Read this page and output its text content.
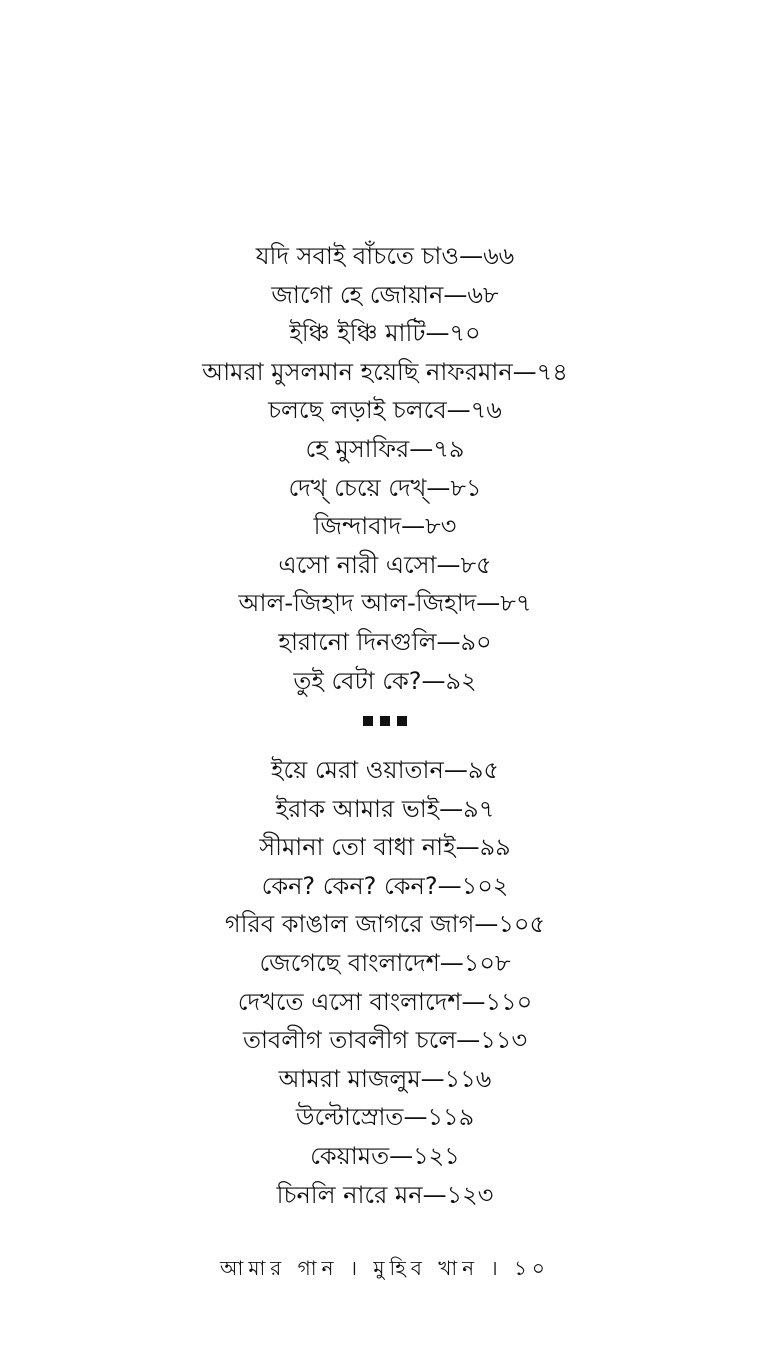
যদি সবাই বাঁচতে চাও—৬৬
জাগো হে জোয়ান—৬৮
ইঞ্চি ইঞ্চি মাটি—৭০
আমরা মুসলমান হয়েছি নাফরমান—৭৪
চলছে লড়াই চলবে—৭৬
হে মুসাফির—৭৯
দেখ্ চেয়ে দেখ্—৮১
জিন্দাবাদ—৮৩
এসো নারী এসো—৮৫
আল-জিহাদ আল-জিহাদ—৮৭
হারানো দিনগুলি—৯০
তুই বেটা কে?—৯২
ইয়ে মেরা ওয়াতান—৯৫
ইরাক আমার ভাই—৯৭
সীমানা তো বাধা নাই—৯৯
কেন? কেন? কেন?—১০২
গরিব কাঙাল জাগরে জাগ—১০৫
জেগেছে বাংলাদেশ—১০৮
দেখতে এসো বাংলাদেশ—১১০
তাবলীগ তাবলীগ চলে—১১৩
আমরা মাজলুম—১১৬
উল্টোস্রোত—১১৯
কেয়ামত—১২১
চিনলি নারে মন—১২৩
আমার গান । মুহিব খান । ১০
